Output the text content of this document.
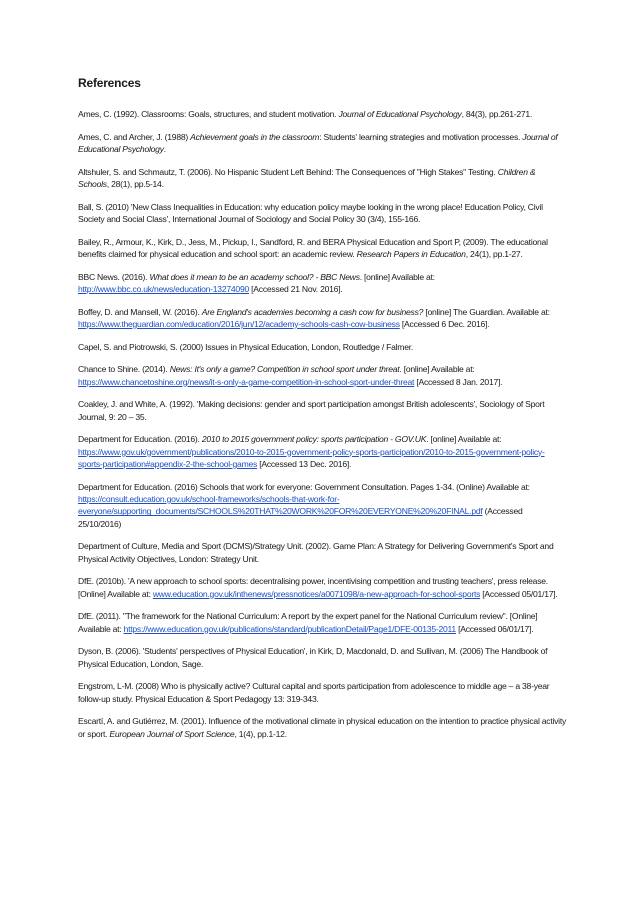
References

Ames, C. (1992). Classrooms: Goals, structures, and student motivation. Journal of Educational Psychology, 84(3), pp.261-271.

Ames, C. and Archer, J. (1988) Achievement goals in the classroom: Students' learning strategies and motivation processes. Journal of Educational Psychology.

Altshuler, S. and Schmautz, T. (2006). No Hispanic Student Left Behind: The Consequences of "High Stakes" Testing. Children & Schools, 28(1), pp.5-14.

Ball, S. (2010) 'New Class Inequalities in Education: why education policy maybe looking in the wrong place! Education Policy, Civil Society and Social Class', International Journal of Sociology and Social Policy 30 (3/4), 155-166.

Bailey, R., Armour, K., Kirk, D., Jess, M., Pickup, I., Sandford, R. and BERA Physical Education and Sport P, (2009). The educational benefits claimed for physical education and school sport: an academic review. Research Papers in Education, 24(1), pp.1-27.

BBC News. (2016). What does it mean to be an academy school? - BBC News. [online] Available at: http://www.bbc.co.uk/news/education-13274090 [Accessed 21 Nov. 2016].

Boffey, D. and Mansell, W. (2016). Are England's academies becoming a cash cow for business? [online] The Guardian. Available at: https://www.theguardian.com/education/2016/jun/12/academy-schools-cash-cow-business [Accessed 6 Dec. 2016].

Capel, S. and Piotrowski, S. (2000) Issues in Physical Education, London, Routledge / Falmer.

Chance to Shine. (2014). News: It's only a game? Competition in school sport under threat. [online] Available at: https://www.chancetoshine.org/news/it-s-only-a-game-competition-in-school-sport-under-threat [Accessed 8 Jan. 2017].

Coakley, J. and White, A. (1992). 'Making decisions: gender and sport participation amongst British adolescents', Sociology of Sport Journal, 9: 20 – 35.

Department for Education. (2016). 2010 to 2015 government policy: sports participation - GOV.UK. [online] Available at: https://www.gov.uk/government/publications/2010-to-2015-government-policy-sports-participation/2010-to-2015-government-policy-sports-participation#appendix-2-the-school-games [Accessed 13 Dec. 2016].

Department for Education. (2016) Schools that work for everyone: Government Consultation. Pages 1-34. (Online) Available at: https://consult.education.gov.uk/school-frameworks/schools-that-work-for-everyone/supporting_documents/SCHOOLS%20THAT%20WORK%20FOR%20EVERYONE%20%20FINAL.pdf (Accessed 25/10/2016)

Department of Culture, Media and Sport (DCMS)/Strategy Unit. (2002). Game Plan: A Strategy for Delivering Government's Sport and Physical Activity Objectives, London: Strategy Unit.

DfE. (2010b). 'A new approach to school sports: decentralising power, incentivising competition and trusting teachers', press release. [Online] Available at: www.education.gov.uk/inthenews/pressnotices/a0071098/a-new-approach-for-school-sports [Accessed 05/01/17].

DfE. (2011). "The framework for the National Curriculum: A report by the expert panel for the National Curriculum review''. [Online] Available at: https://www.education.gov.uk/publications/standard/publicationDetail/Page1/DFE-00135-2011 [Accessed 06/01/17].

Dyson, B. (2006). 'Students' perspectives of Physical Education', in Kirk, D, Macdonald, D. and Sullivan, M. (2006) The Handbook of Physical Education, London, Sage.

Engstrom, L-M. (2008) Who is physically active? Cultural capital and sports participation from adolescence to middle age – a 38-year follow-up study. Physical Education & Sport Pedagogy 13: 319-343.

Escartí, A. and Gutiérrez, M. (2001). Influence of the motivational climate in physical education on the intention to practice physical activity or sport. European Journal of Sport Science, 1(4), pp.1-12.
